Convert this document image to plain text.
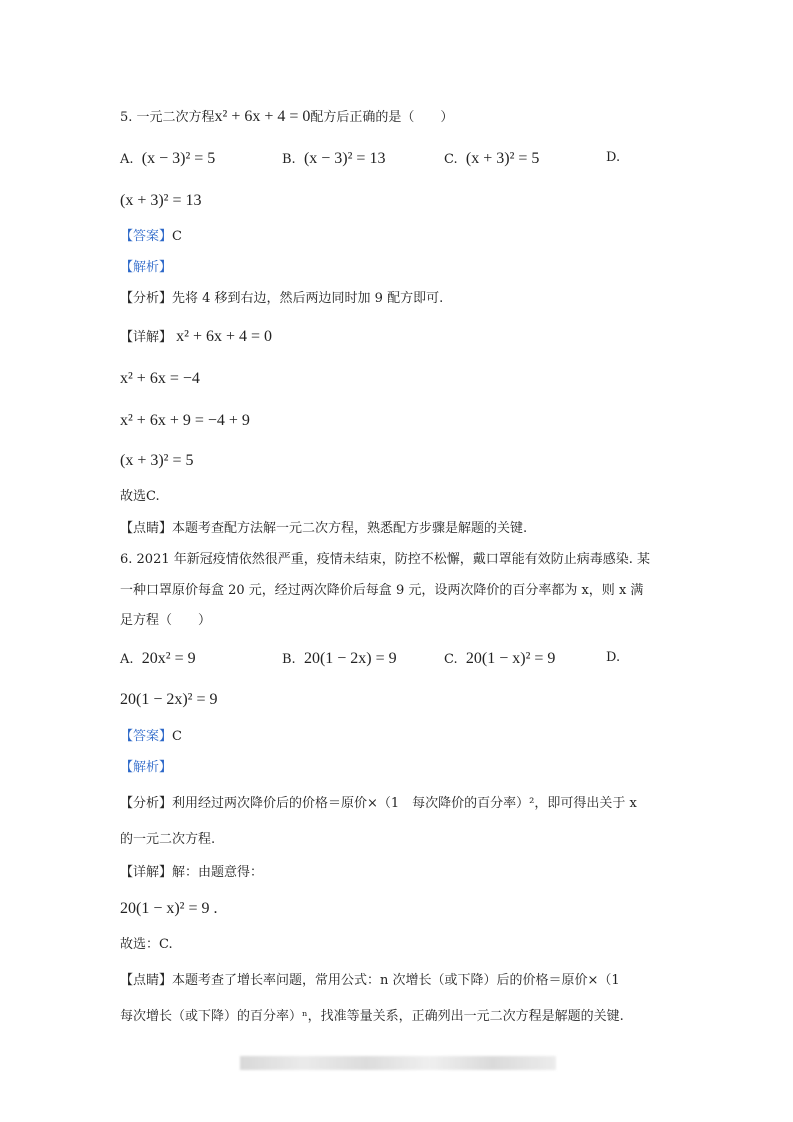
5. 一元二次方程x² + 6x + 4 = 0配方后正确的是（　　）
A. (x − 3)² = 5	B. (x − 3)² = 13	C. (x + 3)² = 5	D.
(x + 3)² = 13
【答案】C
【解析】
【分析】先将 4 移到右边，然后两边同时加 9 配方即可.
【详解】 x² + 6x + 4 = 0
x² + 6x = −4
x² + 6x + 9 = −4 + 9
(x + 3)² = 5
故选C.
【点睛】本题考查配方法解一元二次方程，熟悉配方步骤是解题的关键.
6. 2021 年新冠疫情依然很严重，疫情未结束，防控不松懈，戴口罩能有效防止病毒感染. 某
一种口罩原价每盒 20 元，经过两次降价后每盒 9 元，设两次降价的百分率都为 x，则 x 满
足方程（　　）
A. 20x² = 9	B. 20(1 − 2x) = 9	C. 20(1 − x)² = 9	D.
20(1 − 2x)² = 9
【答案】C
【解析】
【分析】利用经过两次降价后的价格＝原价×（1　每次降价的百分率）²，即可得出关于 x
的一元二次方程.
【详解】解：由题意得：
20(1 − x)² = 9 .
故选：C.
【点睛】本题考查了增长率问题，常用公式：n 次增长（或下降）后的价格＝原价×（1
每次增长（或下降）的百分率）ⁿ，找准等量关系，正确列出一元二次方程是解题的关键.
